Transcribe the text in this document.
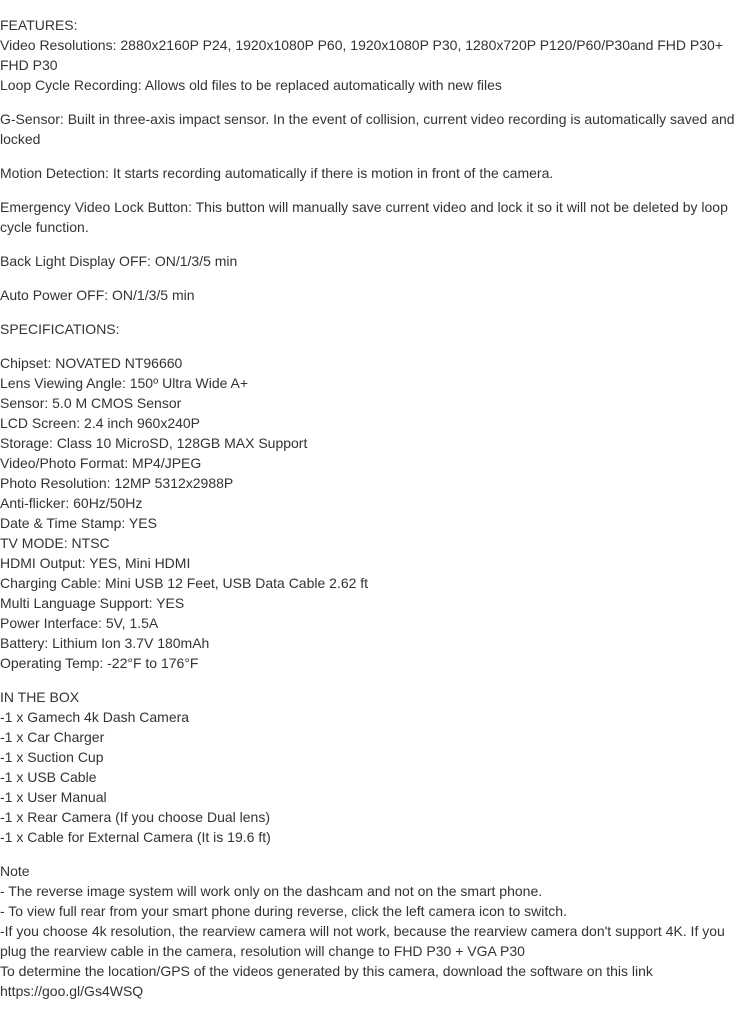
FEATURES:
Video Resolutions: 2880x2160P P24, 1920x1080P P60, 1920x1080P P30, 1280x720P P120/P60/P30and FHD P30+ FHD P30
Loop Cycle Recording: Allows old files to be replaced automatically with new files
G-Sensor: Built in three-axis impact sensor. In the event of collision, current video recording is automatically saved and locked
Motion Detection: It starts recording automatically if there is motion in front of the camera.
Emergency Video Lock Button: This button will manually save current video and lock it so it will not be deleted by loop cycle function.
Back Light Display OFF: ON/1/3/5 min
Auto Power OFF: ON/1/3/5 min
SPECIFICATIONS:
Chipset: NOVATED NT96660
Lens Viewing Angle: 150º Ultra Wide A+
Sensor: 5.0 M CMOS Sensor
LCD Screen: 2.4 inch 960x240P
Storage: Class 10 MicroSD, 128GB MAX Support
Video/Photo Format: MP4/JPEG
Photo Resolution: 12MP 5312x2988P
Anti-flicker: 60Hz/50Hz
Date & Time Stamp: YES
TV MODE: NTSC
HDMI Output: YES, Mini HDMI
Charging Cable: Mini USB 12 Feet, USB Data Cable 2.62 ft
Multi Language Support: YES
Power Interface: 5V, 1.5A
Battery: Lithium Ion 3.7V 180mAh
Operating Temp: -22°F to 176°F
IN THE BOX
-1 x Gamech 4k Dash Camera
-1 x Car Charger
-1 x Suction Cup
-1 x USB Cable
-1 x User Manual
-1 x Rear Camera (If you choose Dual lens)
-1 x Cable for External Camera (It is 19.6 ft)
Note
- The reverse image system will work only on the dashcam and not on the smart phone.
- To view full rear from your smart phone during reverse, click the left camera icon to switch.
-If you choose 4k resolution, the rearview camera will not work, because the rearview camera don't support 4K. If you plug the rearview cable in the camera, resolution will change to FHD P30 + VGA P30
To determine the location/GPS of the videos generated by this camera, download the software on this link
https://goo.gl/Gs4WSQ
